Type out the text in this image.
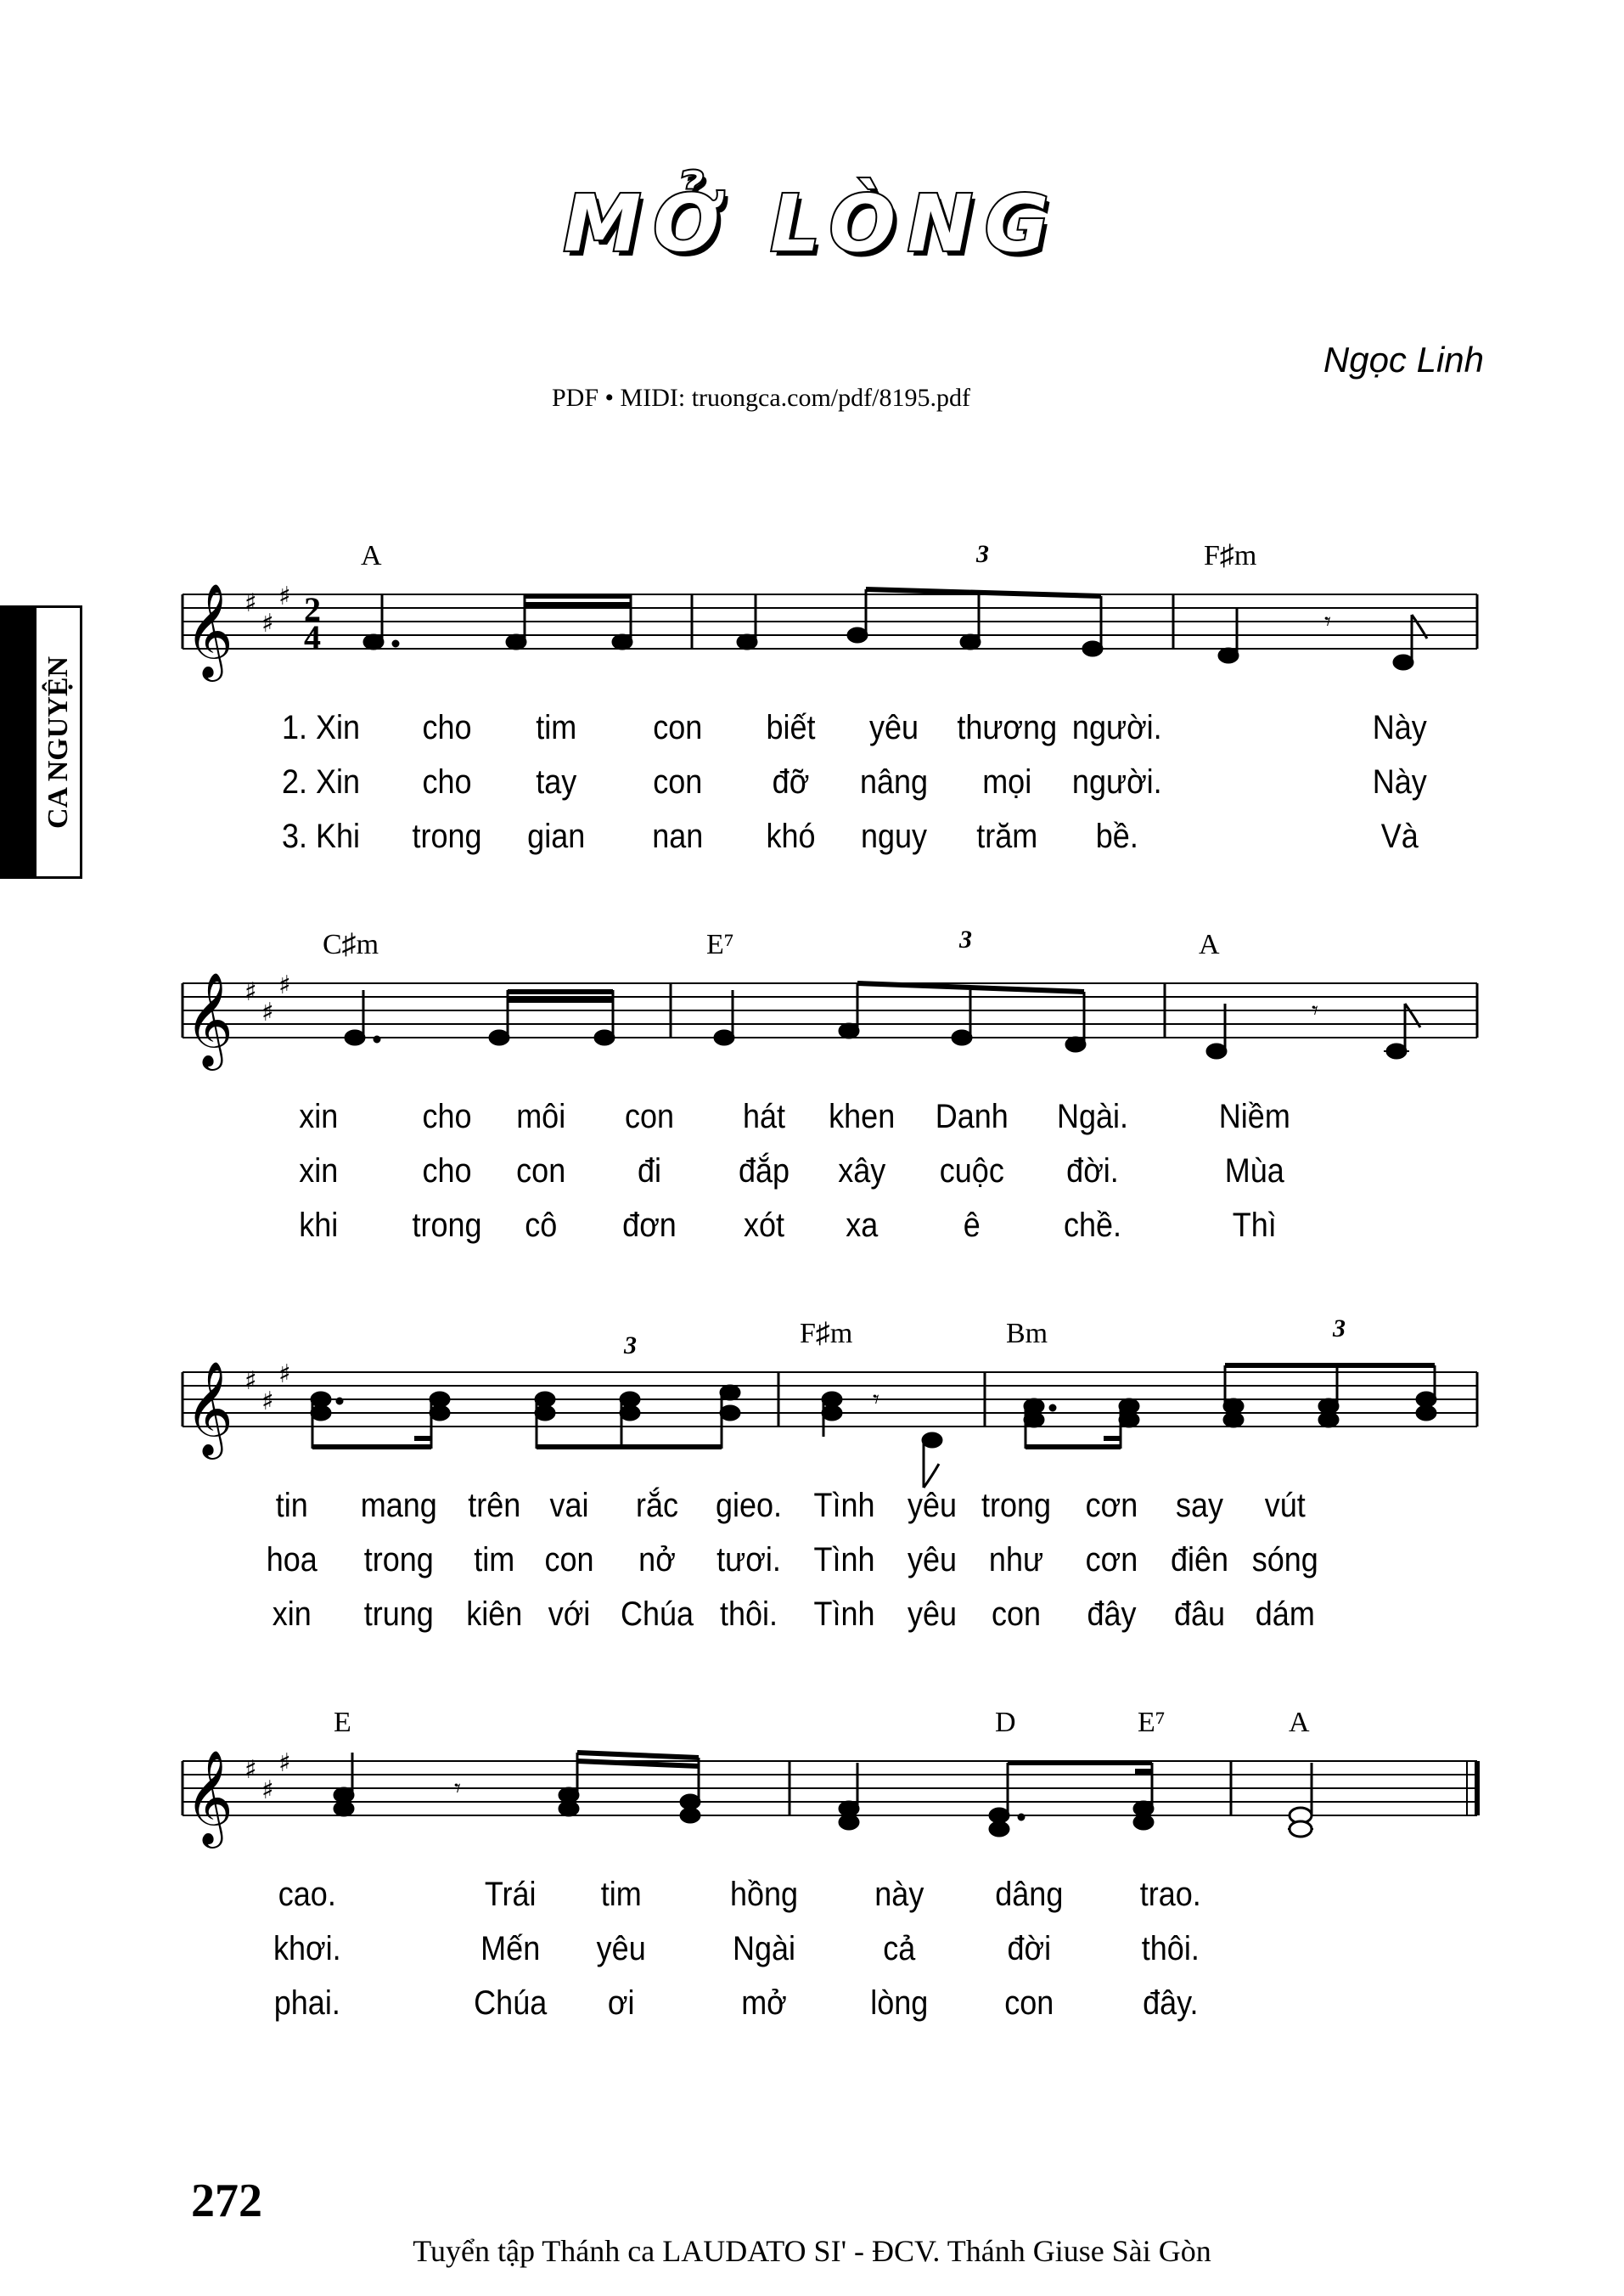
MỞ LÒNG
Ngọc Linh
PDF • MIDI: truongca.com/pdf/8195.pdf
CA NGUYỆN
A	F♯m
𝄞 ♯
♯
♯ 2
4	𝄾
3
1. Xin cho tim con biết yêu thương người.	Này
2. Xin cho tay con đỡ nâng mọi người.	Này
3. Khi trong gian nan khó nguy trăm bề.	Và
C♯m	E⁷	A
𝄞 ♯
♯
♯
𝄾
3
xin cho môi con hát khen Danh Ngài.	Niềm
xin cho con đi đắp xây cuộc đời.	Mùa
khi trong cô đơn xót xa	ê chề.	Thì
F♯m	Bm
𝄞 ♯
♯
♯
𝄾
3
3
tin mang trên vai rắc gieo. Tình yêu trong cơn say vút
hoa trong tim con nở tươi. Tình yêu như cơn điên sóng
xin trung kiên với Chúa thôi. Tình yêu con đây đâu dám
E	D	E⁷	A
𝄞 ♯
♯
♯
𝄾
cao.	Trái tim	hồng này dâng trao.
khơi.	Mến yêu	Ngài	cả	đời	thôi.
phai.	Chúa ơi	mở lòng con	đây.
272
Tuyển tập Thánh ca LAUDATO SI' - ĐCV. Thánh Giuse Sài Gòn
